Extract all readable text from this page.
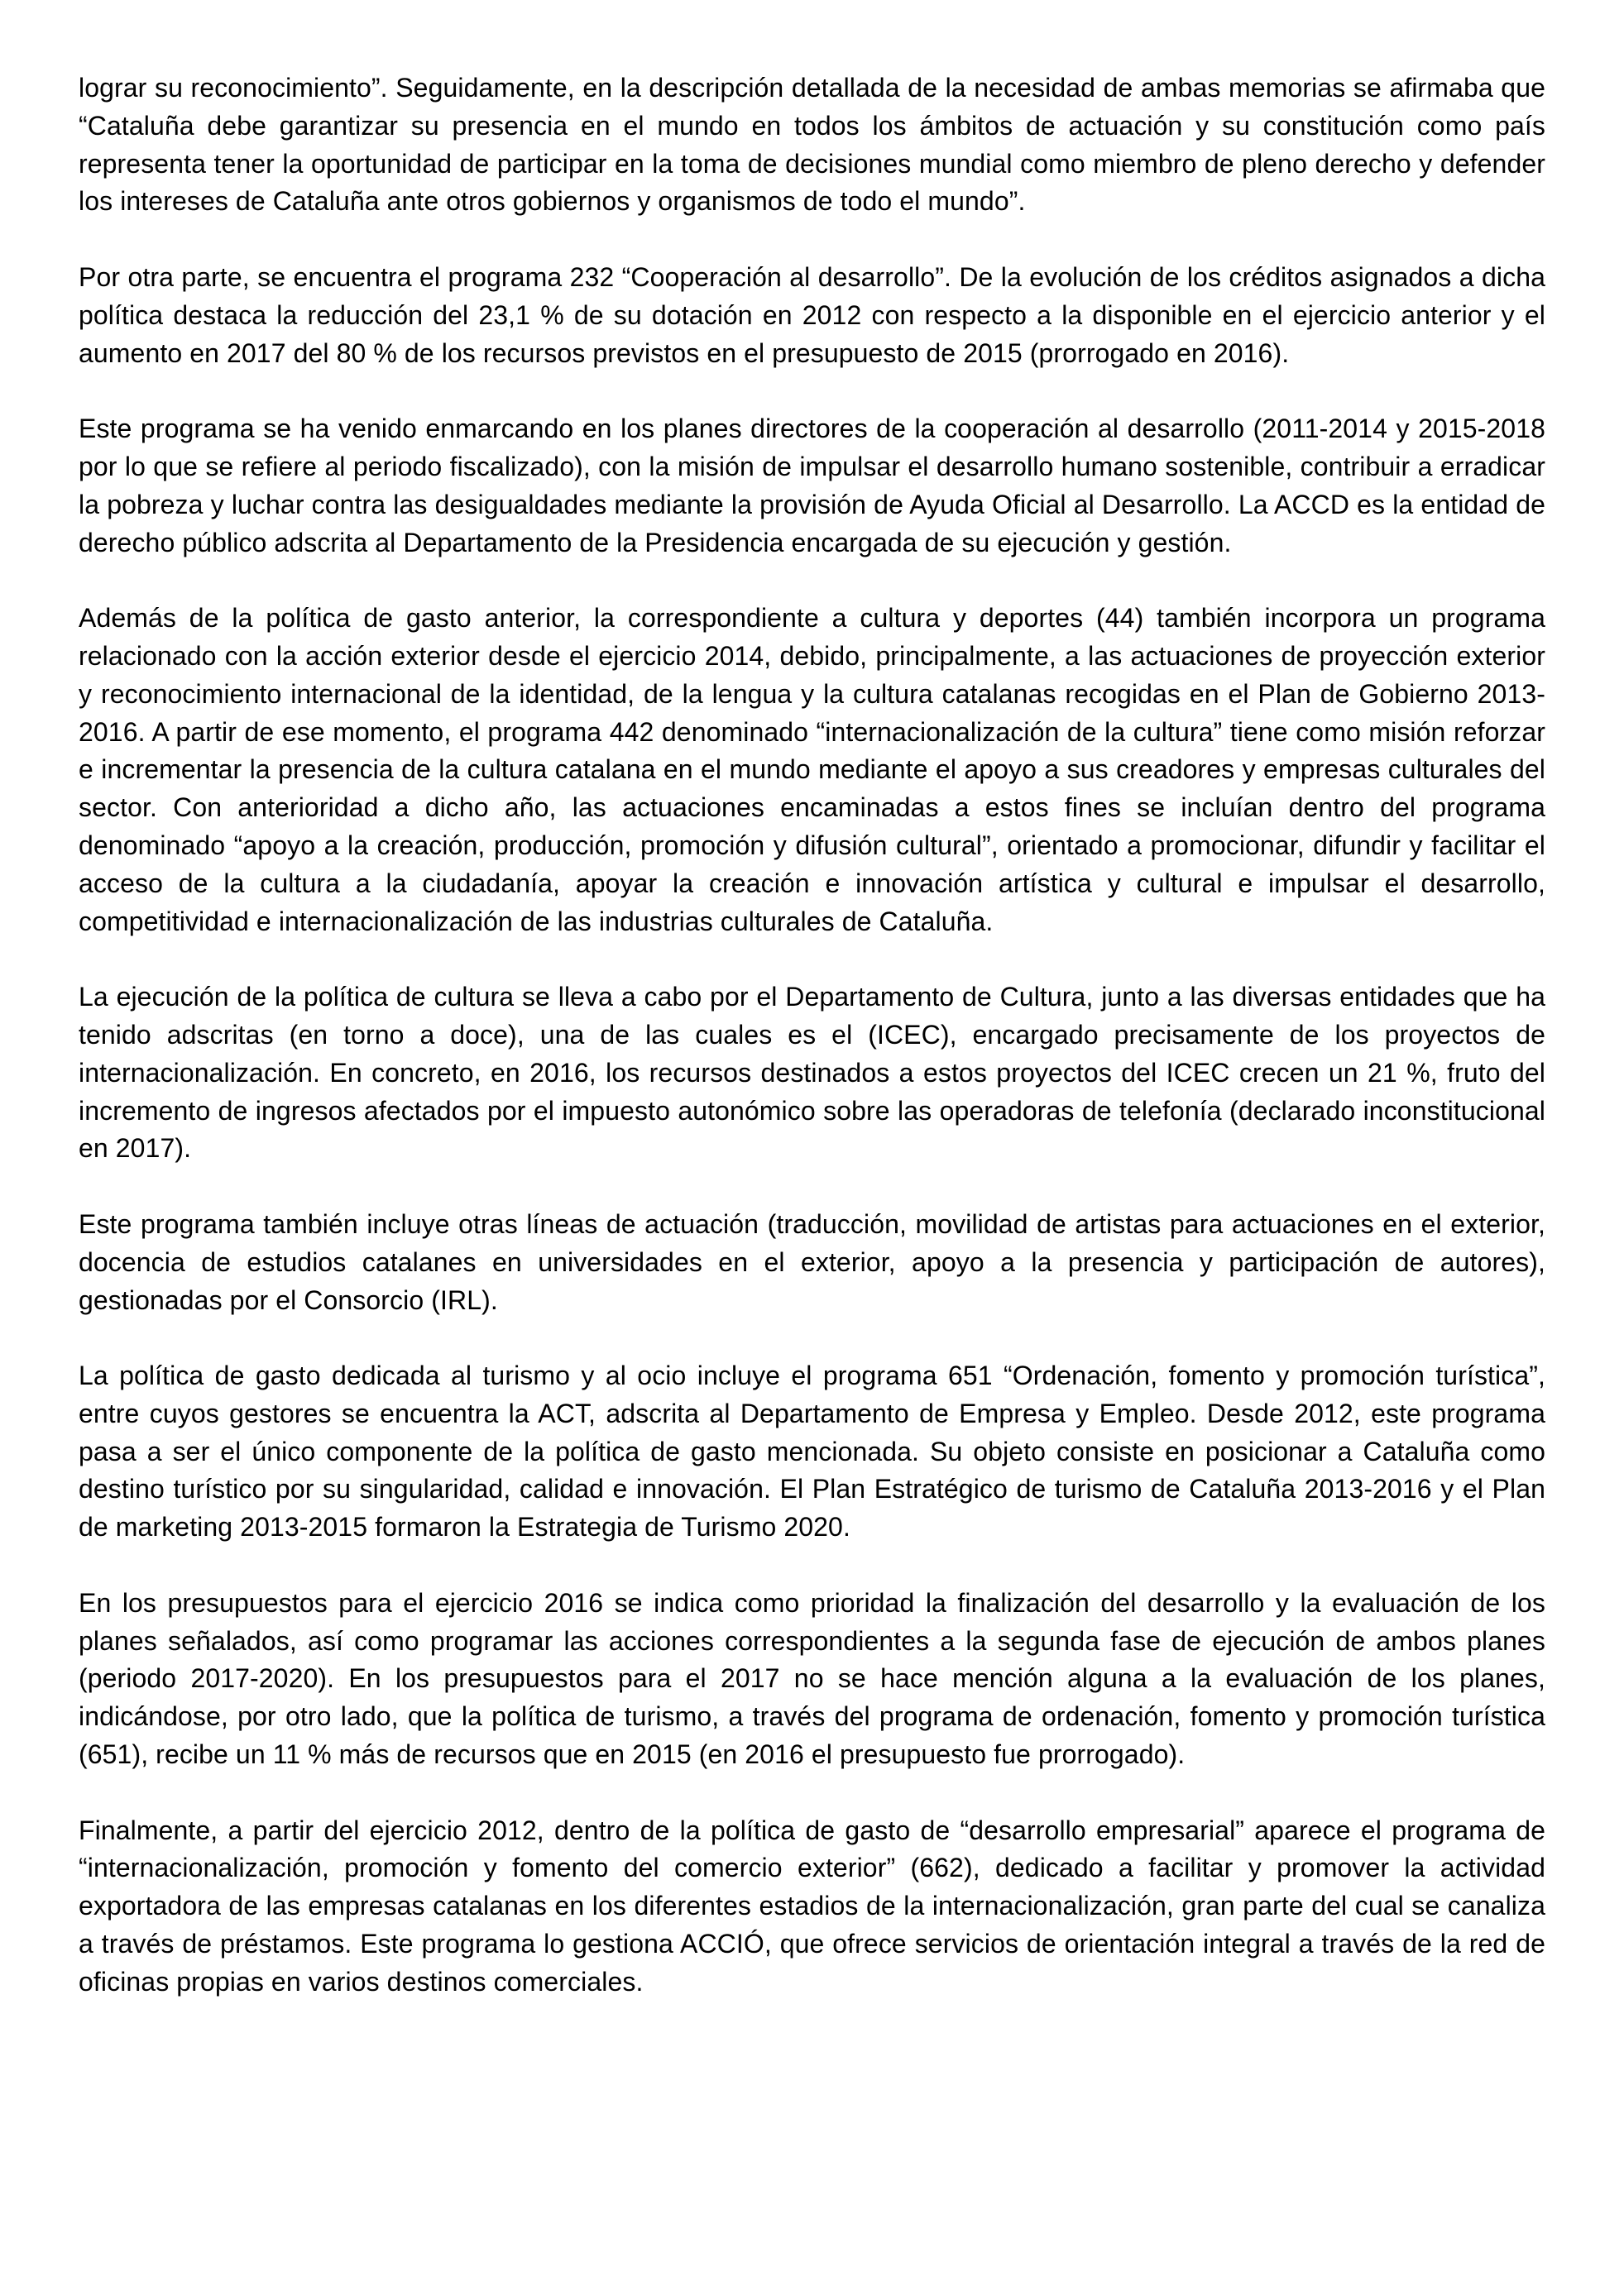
lograr su reconocimiento”. Seguidamente, en la descripción detallada de la necesidad de ambas memorias se afirmaba que “Cataluña debe garantizar su presencia en el mundo en todos los ámbitos de actuación y su constitución como país representa tener la oportunidad de participar en la toma de decisiones mundial como miembro de pleno derecho y defender los intereses de Cataluña ante otros gobiernos y organismos de todo el mundo”.

Por otra parte, se encuentra el programa 232 “Cooperación al desarrollo”. De la evolución de los créditos asignados a dicha política destaca la reducción del 23,1 % de su dotación en 2012 con respecto a la disponible en el ejercicio anterior y el aumento en 2017 del 80 % de los recursos previstos en el presupuesto de 2015 (prorrogado en 2016).

Este programa se ha venido enmarcando en los planes directores de la cooperación al desarrollo (2011-2014 y 2015-2018 por lo que se refiere al periodo fiscalizado), con la misión de impulsar el desarrollo humano sostenible, contribuir a erradicar la pobreza y luchar contra las desigualdades mediante la provisión de Ayuda Oficial al Desarrollo. La ACCD es la entidad de derecho público adscrita al Departamento de la Presidencia encargada de su ejecución y gestión.

Además de la política de gasto anterior, la correspondiente a cultura y deportes (44) también incorpora un programa relacionado con la acción exterior desde el ejercicio 2014, debido, principalmente, a las actuaciones de proyección exterior y reconocimiento internacional de la identidad, de la lengua y la cultura catalanas recogidas en el Plan de Gobierno 2013-2016. A partir de ese momento, el programa 442 denominado “internacionalización de la cultura” tiene como misión reforzar e incrementar la presencia de la cultura catalana en el mundo mediante el apoyo a sus creadores y empresas culturales del sector. Con anterioridad a dicho año, las actuaciones encaminadas a estos fines se incluían dentro del programa denominado “apoyo a la creación, producción, promoción y difusión cultural”, orientado a promocionar, difundir y facilitar el acceso de la cultura a la ciudadanía, apoyar la creación e innovación artística y cultural e impulsar el desarrollo, competitividad e internacionalización de las industrias culturales de Cataluña.

La ejecución de la política de cultura se lleva a cabo por el Departamento de Cultura, junto a las diversas entidades que ha tenido adscritas (en torno a doce), una de las cuales es el (ICEC), encargado precisamente de los proyectos de internacionalización. En concreto, en 2016, los recursos destinados a estos proyectos del ICEC crecen un 21 %, fruto del incremento de ingresos afectados por el impuesto autonómico sobre las operadoras de telefonía (declarado inconstitucional en 2017).

Este programa también incluye otras líneas de actuación (traducción, movilidad de artistas para actuaciones en el exterior, docencia de estudios catalanes en universidades en el exterior, apoyo a la presencia y participación de autores), gestionadas por el Consorcio (IRL).

La política de gasto dedicada al turismo y al ocio incluye el programa 651 “Ordenación, fomento y promoción turística”, entre cuyos gestores se encuentra la ACT, adscrita al Departamento de Empresa y Empleo. Desde 2012, este programa pasa a ser el único componente de la política de gasto mencionada. Su objeto consiste en posicionar a Cataluña como destino turístico por su singularidad, calidad e innovación. El Plan Estratégico de turismo de Cataluña 2013-2016 y el Plan de marketing 2013-2015 formaron la Estrategia de Turismo 2020.

En los presupuestos para el ejercicio 2016 se indica como prioridad la finalización del desarrollo y la evaluación de los planes señalados, así como programar las acciones correspondientes a la segunda fase de ejecución de ambos planes (periodo 2017-2020). En los presupuestos para el 2017 no se hace mención alguna a la evaluación de los planes, indicándose, por otro lado, que la política de turismo, a través del programa de ordenación, fomento y promoción turística (651), recibe un 11 % más de recursos que en 2015 (en 2016 el presupuesto fue prorrogado).

Finalmente, a partir del ejercicio 2012, dentro de la política de gasto de “desarrollo empresarial” aparece el programa de “internacionalización, promoción y fomento del comercio exterior” (662), dedicado a facilitar y promover la actividad exportadora de las empresas catalanas en los diferentes estadios de la internacionalización, gran parte del cual se canaliza a través de préstamos. Este programa lo gestiona ACCIÓ, que ofrece servicios de orientación integral a través de la red de oficinas propias en varios destinos comerciales.
